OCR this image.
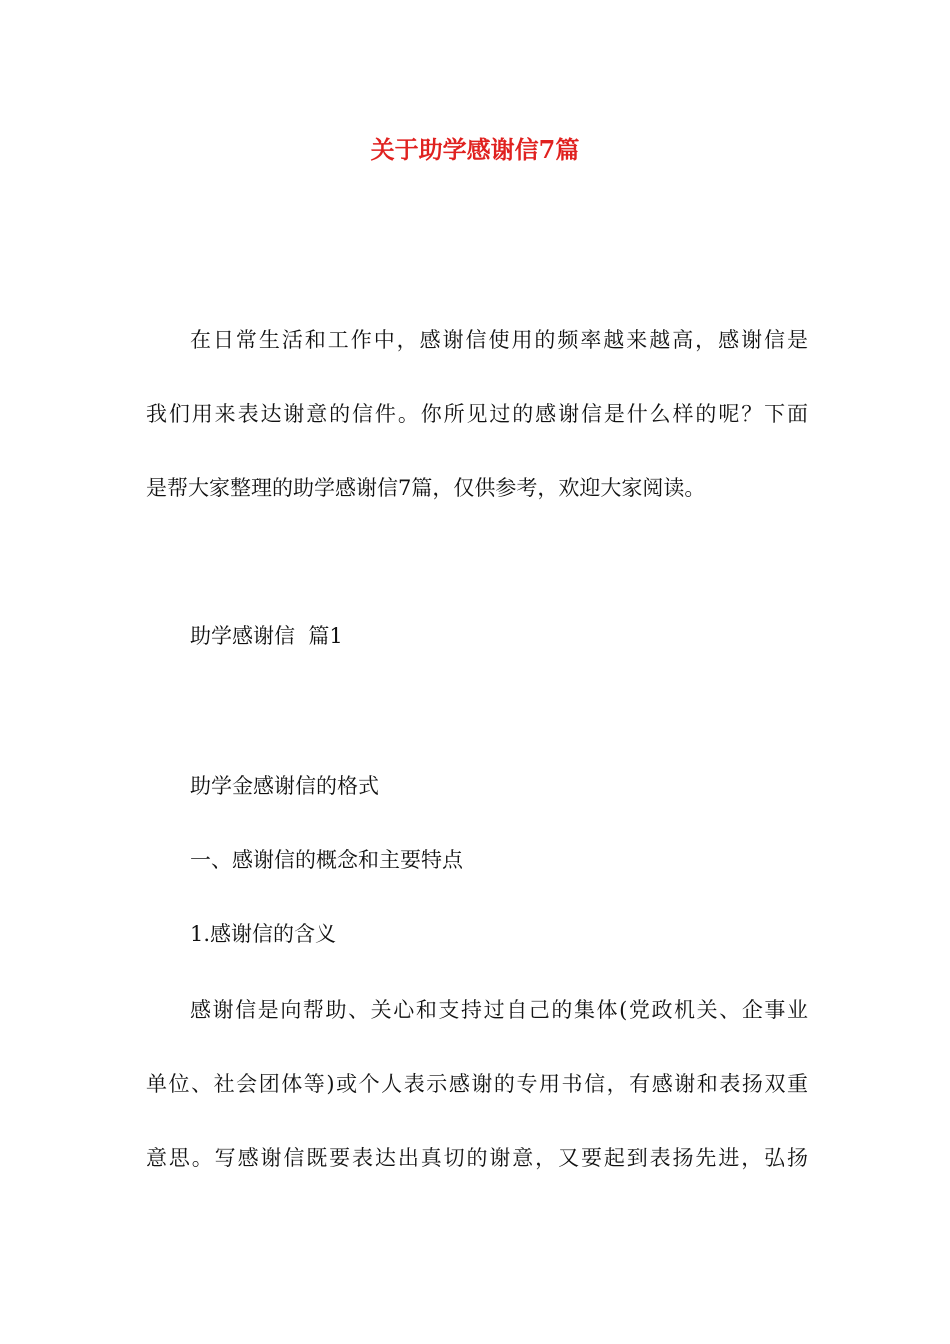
关于助学感谢信7篇
在日常生活和工作中，感谢信使用的频率越来越高，感谢信是
我们用来表达谢意的信件。你所见过的感谢信是什么样的呢？下面
是帮大家整理的助学感谢信7篇，仅供参考，欢迎大家阅读。
助学感谢信  篇1
助学金感谢信的格式
一、感谢信的概念和主要特点
1.感谢信的含义
感谢信是向帮助、关心和支持过自己的集体(党政机关、企事业
单位、社会团体等)或个人表示感谢的专用书信，有感谢和表扬双重
意思。写感谢信既要表达出真切的谢意，又要起到表扬先进，弘扬
